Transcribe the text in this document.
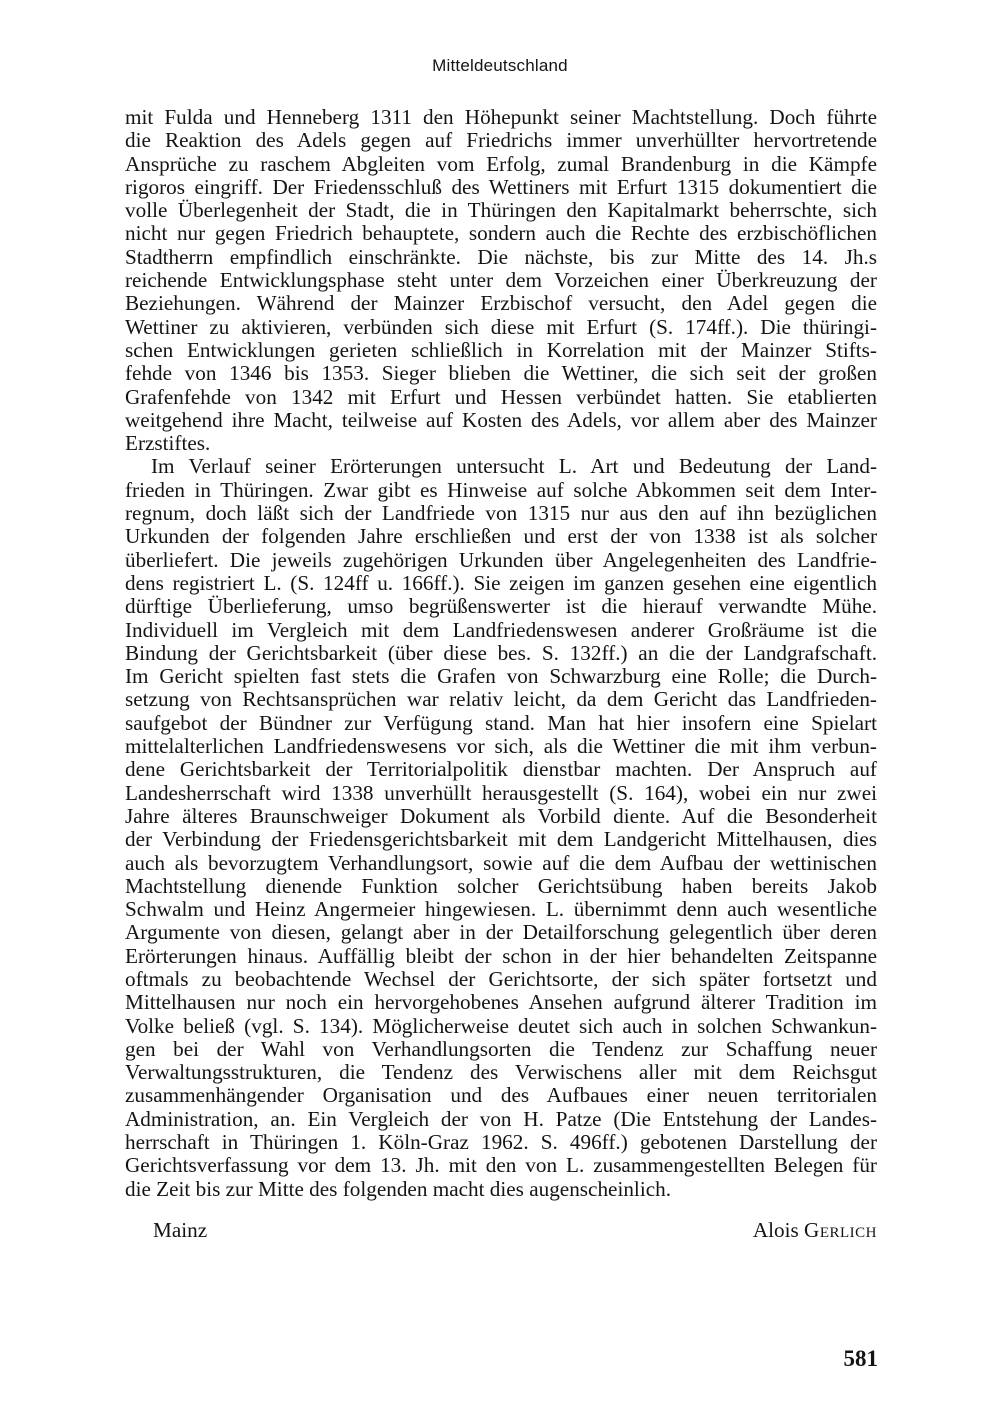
Mitteldeutschland
mit Fulda und Henneberg 1311 den Höhepunkt seiner Machtstellung. Doch führte
die Reaktion des Adels gegen auf Friedrichs immer unverhüllter hervortretende
Ansprüche zu raschem Abgleiten vom Erfolg, zumal Brandenburg in die Kämpfe
rigoros eingriff. Der Friedensschluß des Wettiners mit Erfurt 1315 dokumentiert die
volle Überlegenheit der Stadt, die in Thüringen den Kapitalmarkt beherrschte, sich
nicht nur gegen Friedrich behauptete, sondern auch die Rechte des erzbischöflichen
Stadtherrn empfindlich einschränkte. Die nächste, bis zur Mitte des 14. Jh.s
reichende Entwicklungsphase steht unter dem Vorzeichen einer Überkreuzung der
Beziehungen. Während der Mainzer Erzbischof versucht, den Adel gegen die
Wettiner zu aktivieren, verbünden sich diese mit Erfurt (S. 174ff.). Die thüringi-
schen Entwicklungen gerieten schließlich in Korrelation mit der Mainzer Stifts-
fehde von 1346 bis 1353. Sieger blieben die Wettiner, die sich seit der großen
Grafenfehde von 1342 mit Erfurt und Hessen verbündet hatten. Sie etablierten
weitgehend ihre Macht, teilweise auf Kosten des Adels, vor allem aber des Mainzer
Erzstiftes.
Im Verlauf seiner Erörterungen untersucht L. Art und Bedeutung der Land-
frieden in Thüringen. Zwar gibt es Hinweise auf solche Abkommen seit dem Inter-
regnum, doch läßt sich der Landfriede von 1315 nur aus den auf ihn bezüglichen
Urkunden der folgenden Jahre erschließen und erst der von 1338 ist als solcher
überliefert. Die jeweils zugehörigen Urkunden über Angelegenheiten des Landfrie-
dens registriert L. (S. 124ff u. 166ff.). Sie zeigen im ganzen gesehen eine eigentlich
dürftige Überlieferung, umso begrüßenswerter ist die hierauf verwandte Mühe.
Individuell im Vergleich mit dem Landfriedenswesen anderer Großräume ist die
Bindung der Gerichtsbarkeit (über diese bes. S. 132ff.) an die der Landgrafschaft.
Im Gericht spielten fast stets die Grafen von Schwarzburg eine Rolle; die Durch-
setzung von Rechtsansprüchen war relativ leicht, da dem Gericht das Landfrieden-
saufgebot der Bündner zur Verfügung stand. Man hat hier insofern eine Spielart
mittelalterlichen Landfriedenswesens vor sich, als die Wettiner die mit ihm verbun-
dene Gerichtsbarkeit der Territorialpolitik dienstbar machten. Der Anspruch auf
Landesherrschaft wird 1338 unverhüllt herausgestellt (S. 164), wobei ein nur zwei
Jahre älteres Braunschweiger Dokument als Vorbild diente. Auf die Besonderheit
der Verbindung der Friedensgerichtsbarkeit mit dem Landgericht Mittelhausen, dies
auch als bevorzugtem Verhandlungsort, sowie auf die dem Aufbau der wettinischen
Machtstellung dienende Funktion solcher Gerichtsübung haben bereits Jakob
Schwalm und Heinz Angermeier hingewiesen. L. übernimmt denn auch wesentliche
Argumente von diesen, gelangt aber in der Detailforschung gelegentlich über deren
Erörterungen hinaus. Auffällig bleibt der schon in der hier behandelten Zeitspanne
oftmals zu beobachtende Wechsel der Gerichtsorte, der sich später fortsetzt und
Mittelhausen nur noch ein hervorgehobenes Ansehen aufgrund älterer Tradition im
Volke beließ (vgl. S. 134). Möglicherweise deutet sich auch in solchen Schwankun-
gen bei der Wahl von Verhandlungsorten die Tendenz zur Schaffung neuer
Verwaltungsstrukturen, die Tendenz des Verwischens aller mit dem Reichsgut
zusammenhängender Organisation und des Aufbaues einer neuen territorialen
Administration, an. Ein Vergleich der von H. Patze (Die Entstehung der Landes-
herrschaft in Thüringen 1. Köln-Graz 1962. S. 496ff.) gebotenen Darstellung der
Gerichtsverfassung vor dem 13. Jh. mit den von L. zusammengestellten Belegen für
die Zeit bis zur Mitte des folgenden macht dies augenscheinlich.
Mainz	Alois Gerlich
581
